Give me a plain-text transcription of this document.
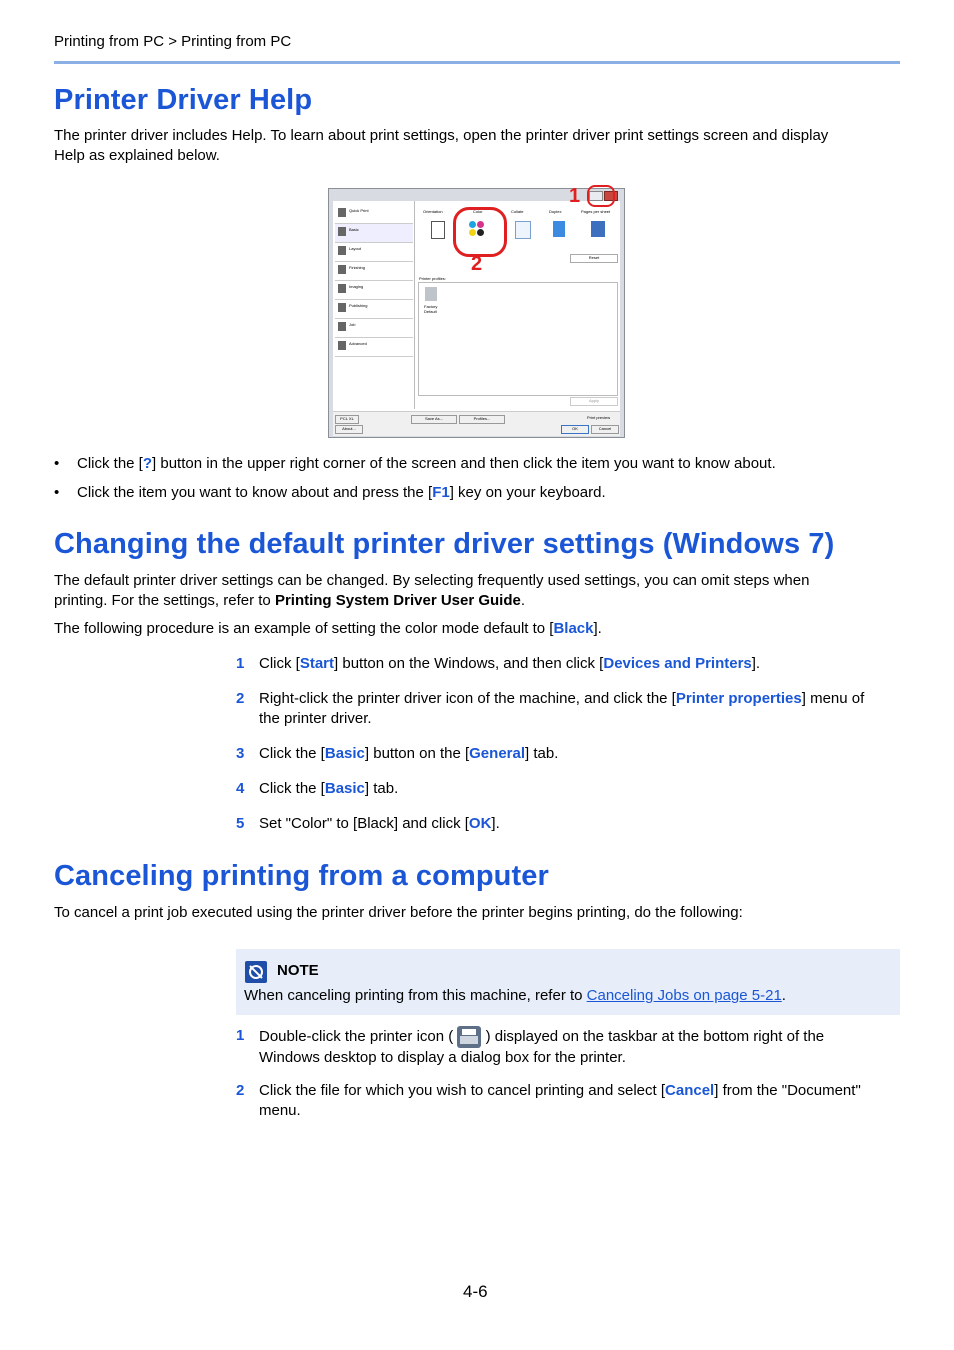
Printing from PC > Printing from PC
Printer Driver Help
The printer driver includes Help. To learn about print settings, open the printer driver print settings screen and display
Help as explained below.
Quick Print
Basic
Layout
Finishing
Imaging
Publishing
Job
Advanced
Orientation	Color	Collate	Duplex	Pages per sheet
Reset
Printer profiles:
Factory Default
Apply
PCL XL
About...
Save As...	Profiles...	Print preview
OK	Cancel
1
2
• Click the [?] button in the upper right corner of the screen and then click the item you want to know about.
• Click the item you want to know about and press the [F1] key on your keyboard.
Changing the default printer driver settings (Windows 7)
The default printer driver settings can be changed. By selecting frequently used settings, you can omit steps when
printing. For the settings, refer to Printing System Driver User Guide.
The following procedure is an example of setting the color mode default to [Black].
1 Click [Start] button on the Windows, and then click [Devices and Printers].
2 Right-click the printer driver icon of the machine, and click the [Printer properties] menu of
the printer driver.
3 Click the [Basic] button on the [General] tab.
4 Click the [Basic] tab.
5 Set "Color" to [Black] and click [OK].
Canceling printing from a computer
To cancel a print job executed using the printer driver before the printer begins printing, do the following:
NOTE
When canceling printing from this machine, refer to Canceling Jobs on page 5-21.
1 Double-click the printer icon ( ) displayed on the taskbar at the bottom right of the
Windows desktop to display a dialog box for the printer.
2 Click the file for which you wish to cancel printing and select [Cancel] from the "Document"
menu.
4-6
